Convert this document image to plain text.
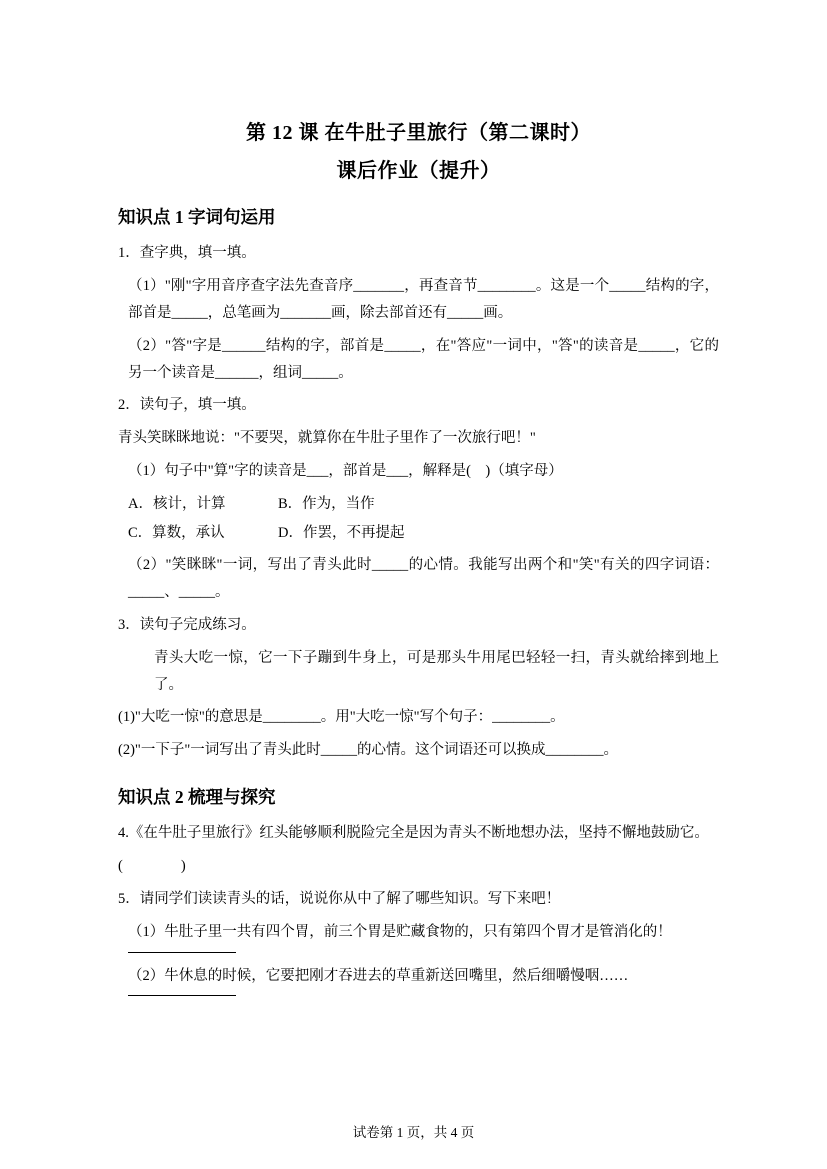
第 12 课 在牛肚子里旅行（第二课时）
课后作业（提升）
知识点 1 字词句运用

1．查字典，填一填。

（1）"刚"字用音序查字法先查音序_______，再查音节________。这是一个_____结构的字，部首是_____，总笔画为_______画，除去部首还有_____画。

（2）"答"字是______结构的字，部首是_____，在"答应"一词中，"答"的读音是_____，它的另一个读音是______，组词_____。

2．读句子，填一填。

青头笑眯眯地说："不要哭，就算你在牛肚子里作了一次旅行吧！"

（1）句子中"算"字的读音是___，部首是___，解释是(　)（填字母）

A．核计，计算	B．作为，当作

C．算数，承认	D．作罢，不再提起

（2）"笑眯眯"一词，写出了青头此时_____的心情。我能写出两个和"笑"有关的四字词语：_____、_____。

3．读句子完成练习。

青头大吃一惊，它一下子蹦到牛身上，可是那头牛用尾巴轻轻一扫，青头就给摔到地上了。

(1)"大吃一惊"的意思是________。用"大吃一惊"写个句子：________。

(2)"一下子"一词写出了青头此时_____的心情。这个词语还可以换成________。

知识点 2 梳理与探究

4.《在牛肚子里旅行》红头能够顺利脱险完全是因为青头不断地想办法，坚持不懈地鼓励它。

(　　　　)

5．请同学们读读青头的话，说说你从中了解了哪些知识。写下来吧！

（1）牛肚子里一共有四个胃，前三个胃是贮藏食物的，只有第四个胃才是管消化的！

（2）牛休息的时候，它要把刚才吞进去的草重新送回嘴里，然后细嚼慢咽……

试卷第 1 页，共 4 页
